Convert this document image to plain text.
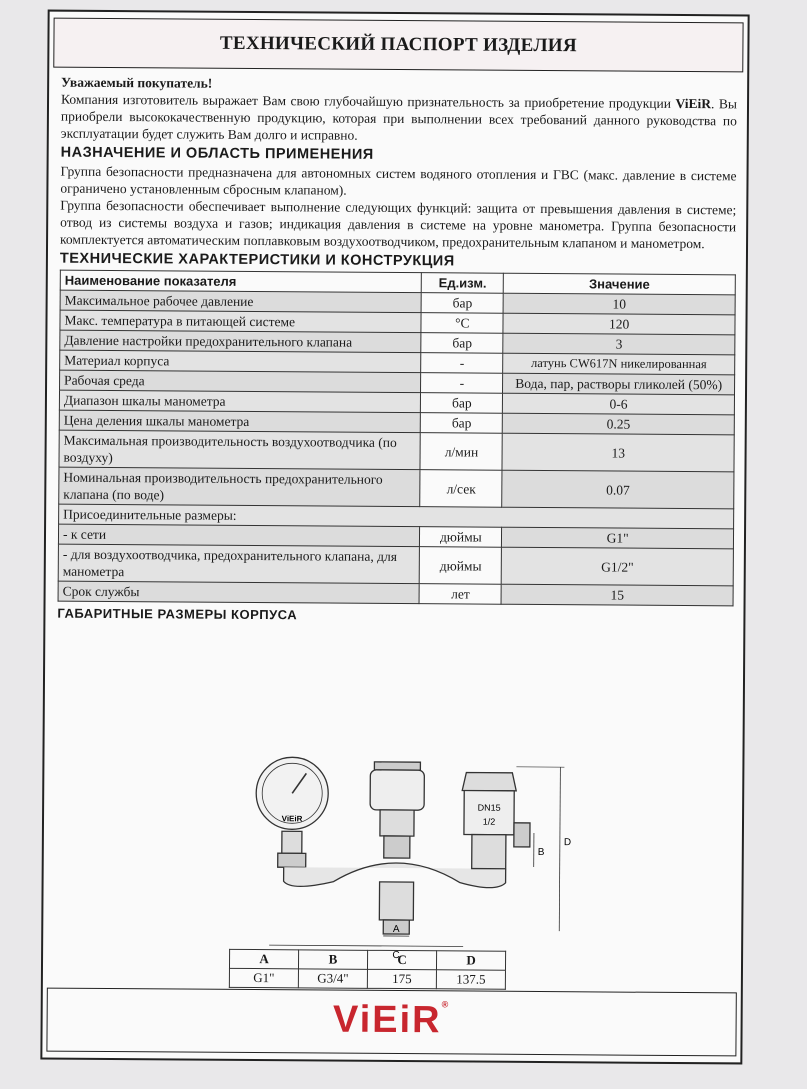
ТЕХНИЧЕСКИЙ ПАСПОРТ ИЗДЕЛИЯ

Уважаемый покупатель!

Компания изготовитель выражает Вам свою глубочайшую признательность за приобретение продукции ViEiR. Вы приобрели высококачественную продукцию, которая при выполнении всех требований данного руководства по эксплуатации будет служить Вам долго и исправно.

НАЗНАЧЕНИЕ И ОБЛАСТЬ ПРИМЕНЕНИЯ

Группа безопасности предназначена для автономных систем водяного отопления и ГВС (макс. давление в системе ограничено установленным сбросным клапаном).

Группа безопасности обеспечивает выполнение следующих функций: защита от превышения давления в системе; отвод из системы воздуха и газов; индикация давления в системе на уровне манометра. Группа безопасности комплектуется автоматическим поплавковым воздухоотводчиком, предохранительным клапаном и манометром.

ТЕХНИЧЕСКИЕ ХАРАКТЕРИСТИКИ И КОНСТРУКЦИЯ
Наименование показателя	Ед.изм.	Значение
Максимальное рабочее давление	бар	10
Макс. температура в питающей системе	°С	120
Давление настройки предохранительного клапана	бар	3
Материал корпуса	-	латунь CW617N никелированная
Рабочая среда	-	Вода, пар, растворы гликолей (50%)
Диапазон шкалы манометра	бар	0-6
Цена деления шкалы манометра	бар	0.25
Максимальная производительность воздухоотводчика (по воздуху)	л/мин	13
Номинальная производительность предохранительного клапана (по воде)	л/сек	0.07
Присоединительные размеры:		
- к сети	дюймы	G1"
- для воздухоотводчика, предохранительного клапана, для манометра	дюймы	G1/2"
Срок службы	лет	15
ГАБАРИТНЫЕ РАЗМЕРЫ КОРПУСА
ViEiR
DN15
1/2
A
B
C
D
A	B	C	D
G1"	G3/4"	175	137.5
ViEiR®
